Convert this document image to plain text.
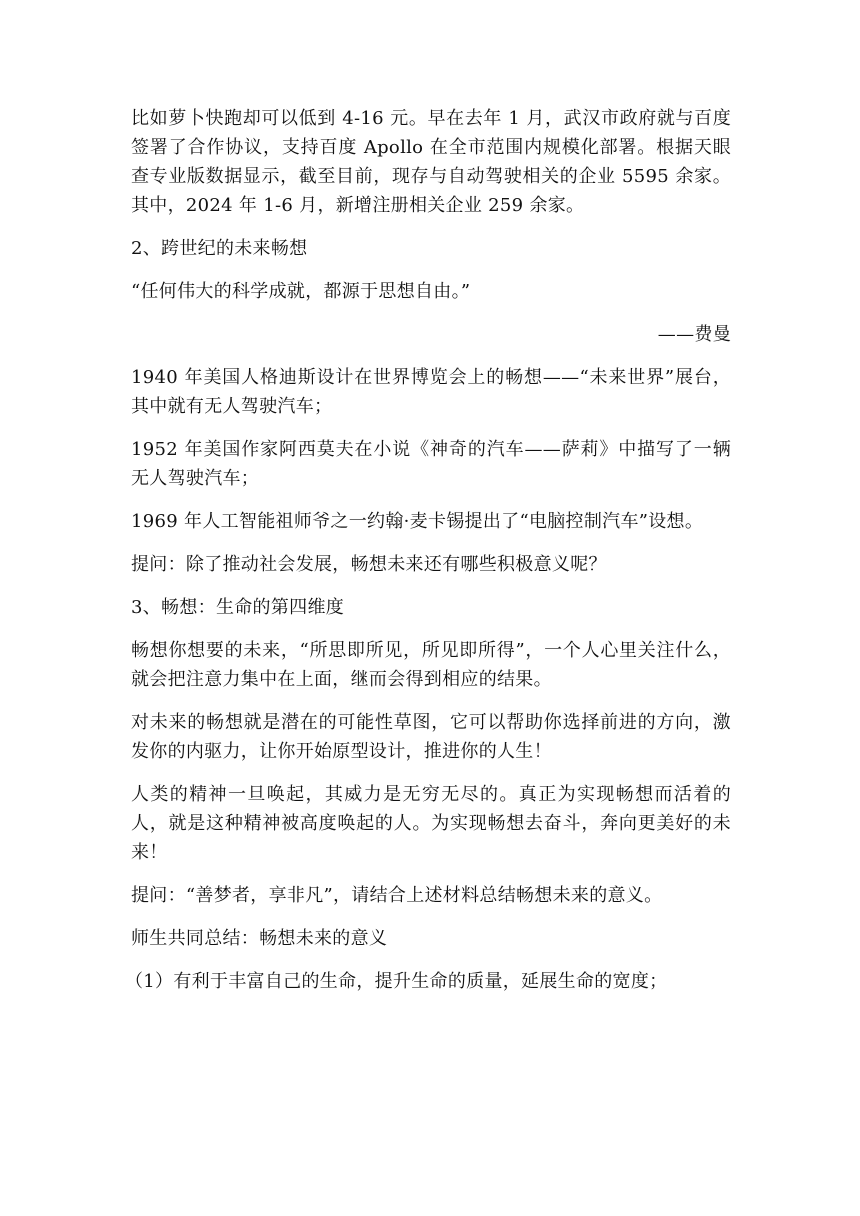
比如萝卜快跑却可以低到 4-16 元。早在去年 1 月，武汉市政府就与百度签署了合作协议，支持百度 Apollo 在全市范围内规模化部署。根据天眼查专业版数据显示，截至目前，现存与自动驾驶相关的企业 5595 余家。其中，2024 年 1-6 月，新增注册相关企业 259 余家。

2、跨世纪的未来畅想

“任何伟大的科学成就，都源于思想自由。”

——费曼

1940 年美国人格迪斯设计在世界博览会上的畅想——“未来世界”展台，其中就有无人驾驶汽车；

1952 年美国作家阿西莫夫在小说《神奇的汽车——萨莉》中描写了一辆无人驾驶汽车；

1969 年人工智能祖师爷之一约翰·麦卡锡提出了“电脑控制汽车”设想。

提问：除了推动社会发展，畅想未来还有哪些积极意义呢？

3、畅想：生命的第四维度

畅想你想要的未来，“所思即所见，所见即所得”，一个人心里关注什么，就会把注意力集中在上面，继而会得到相应的结果。

对未来的畅想就是潜在的可能性草图，它可以帮助你选择前进的方向，激发你的内驱力，让你开始原型设计，推进你的人生！

人类的精神一旦唤起，其威力是无穷无尽的。真正为实现畅想而活着的人，就是这种精神被高度唤起的人。为实现畅想去奋斗，奔向更美好的未来！

提问：“善梦者，享非凡”，请结合上述材料总结畅想未来的意义。

师生共同总结：畅想未来的意义

（1）有利于丰富自己的生命，提升生命的质量，延展生命的宽度；
